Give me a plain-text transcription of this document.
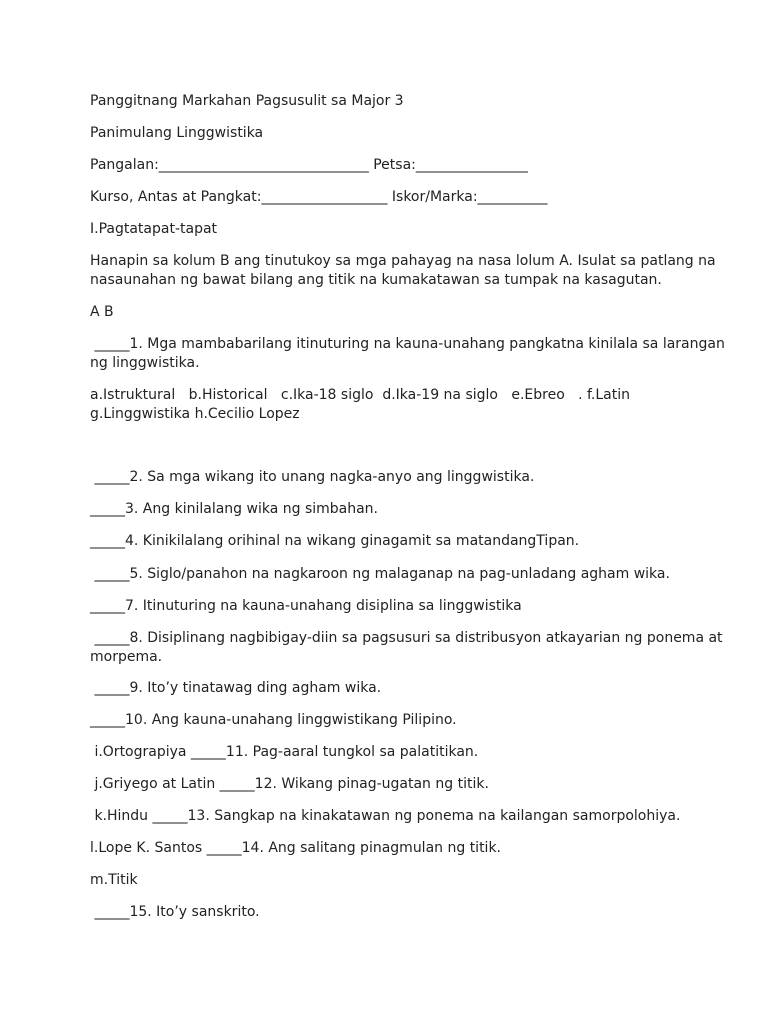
Panggitnang Markahan Pagsusulit sa Major 3
Panimulang Linggwistika
Pangalan:______________________________ Petsa:________________
Kurso, Antas at Pangkat:__________________ Iskor/Marka:__________
I.Pagtatapat-tapat
Hanapin sa kolum B ang tinutukoy sa mga pahayag na nasa lolum A. Isulat sa patlang na
nasaunahan ng bawat bilang ang titik na kumakatawan sa tumpak na kasagutan.
A B
_____1. Mga mambabarilang itinuturing na kauna-unahang pangkatna kinilala sa larangan
ng linggwistika.
a.Istruktural   b.Historical   c.Ika-18 siglo  d.Ika-19 na siglo   e.Ebreo   . f.Latin
g.Linggwistika h.Cecilio Lopez
_____2. Sa mga wikang ito unang nagka-anyo ang linggwistika.
_____3. Ang kinilalang wika ng simbahan.
_____4. Kinikilalang orihinal na wikang ginagamit sa matandangTipan.
_____5. Siglo/panahon na nagkaroon ng malaganap na pag-unladang agham wika.
_____7. Itinuturing na kauna-unahang disiplina sa linggwistika
_____8. Disiplinang nagbibigay-diin sa pagsusuri sa distribusyon atkayarian ng ponema at
morpema.
_____9. Ito’y tinatawag ding agham wika.
_____10. Ang kauna-unahang linggwistikang Pilipino.
i.Ortograpiya _____11. Pag-aaral tungkol sa palatitikan.
j.Griyego at Latin _____12. Wikang pinag-ugatan ng titik.
k.Hindu _____13. Sangkap na kinakatawan ng ponema na kailangan samorpolohiya.
l.Lope K. Santos _____14. Ang salitang pinagmulan ng titik.
m.Titik
_____15. Ito’y sanskrito.
